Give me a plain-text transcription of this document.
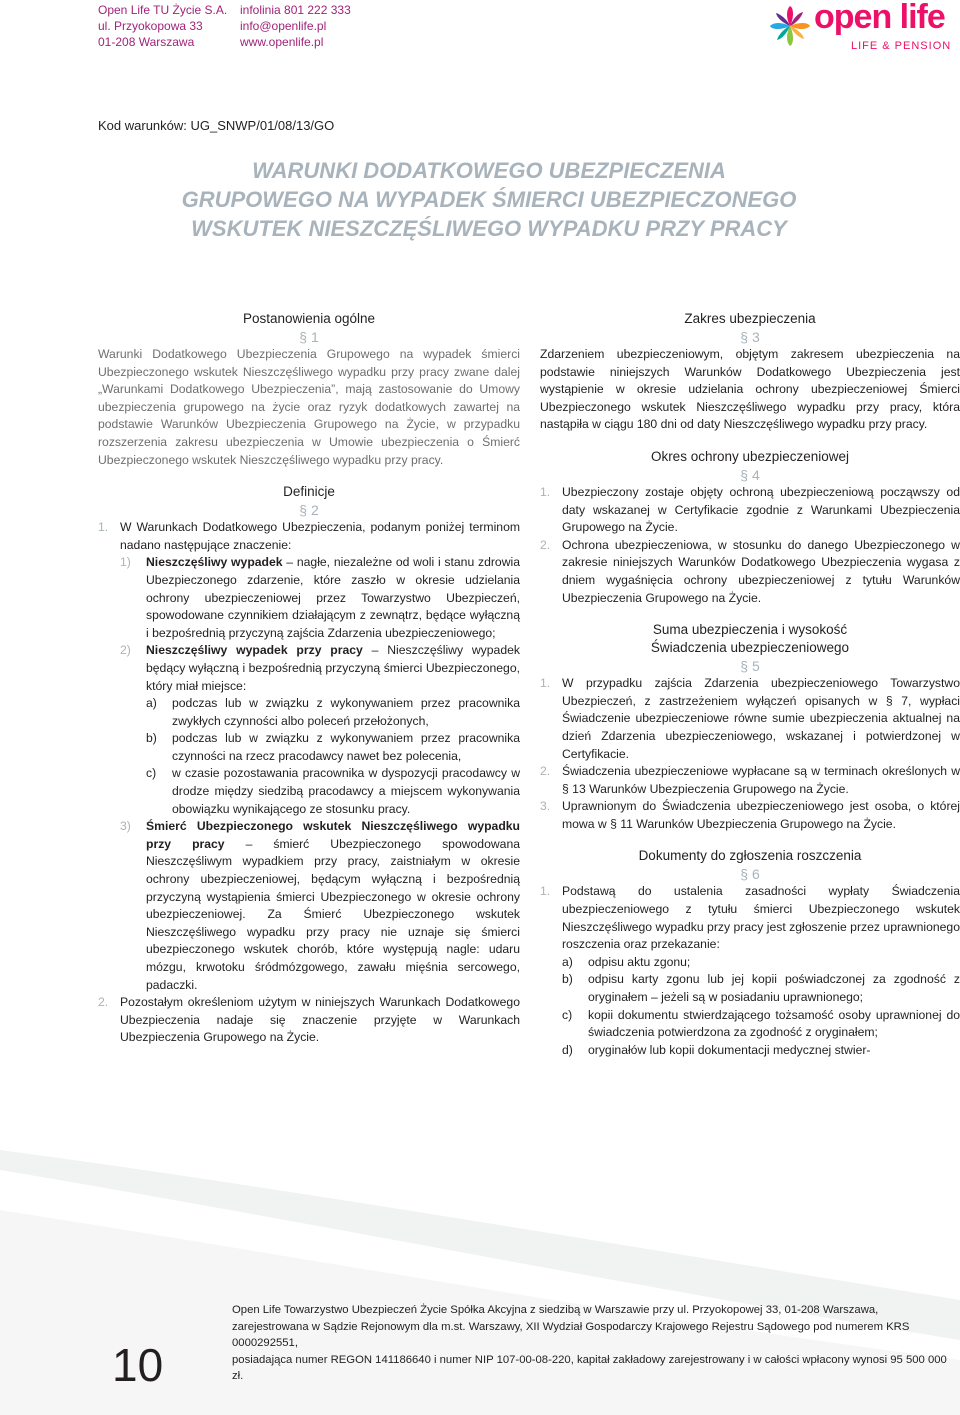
Open Life TU Życie S.A.
ul. Przyokopowa 33
01-208 Warszawa
infolinia 801 222 333
info@openlife.pl
www.openlife.pl
open life
LIFE & PENSION
Kod warunków: UG_SNWP/01/08/13/GO
WARUNKI DODATKOWEGO UBEZPIECZENIA
GRUPOWEGO NA WYPADEK ŚMIERCI UBEZPIECZONEGO
WSKUTEK NIESZCZĘŚLIWEGO WYPADKU PRZY PRACY
Postanowienia ogólne
§ 1

Warunki Dodatkowego Ubezpieczenia Grupowego na wypadek śmierci Ubezpieczonego wskutek Nieszczęśliwego wypadku przy pracy zwane dalej „Warunkami Dodatkowego Ubezpieczenia”, mają zastosowanie do Umowy ubezpieczenia grupowego na życie oraz ryzyk dodatkowych zawartej na podstawie Warunków Ubezpieczenia Grupowego na Życie, w przypadku rozszerzenia zakresu ubezpieczenia w Umowie ubezpieczenia o Śmierć Ubezpieczonego wskutek Nieszczęśliwego wypadku przy pracy.

Definicje
§ 2
1. W Warunkach Dodatkowego Ubezpieczenia, podanym poniżej terminom nadano następujące znaczenie:

1) Nieszczęśliwy wypadek – nagłe, niezależne od woli i stanu zdrowia Ubezpieczonego zdarzenie, które zaszło w okresie udzielania ochrony ubezpieczeniowej przez Towarzystwo Ubezpieczeń, spowodowane czynnikiem działającym z zewnątrz, będące wyłączną i bezpośrednią przyczyną zajścia Zdarzenia ubezpieczeniowego;

2) Nieszczęśliwy wypadek przy pracy – Nieszczęśliwy wypadek będący wyłączną i bezpośrednią przyczyną śmierci Ubezpieczonego, który miał miejsce:

a) podczas lub w związku z wykonywaniem przez pracownika zwykłych czynności albo poleceń przełożonych,

b) podczas lub w związku z wykonywaniem przez pracownika czynności na rzecz pracodawcy nawet bez polecenia,

c) w czasie pozostawania pracownika w dyspozycji pracodawcy w drodze między siedzibą pracodawcy a miejscem wykonywania obowiązku wynikającego ze stosunku pracy.

3) Śmierć Ubezpieczonego wskutek Nieszczęśliwego wypadku przy pracy – śmierć Ubezpieczonego spowodowana Nieszczęśliwym wypadkiem przy pracy, zaistniałym w okresie ochrony ubezpieczeniowej, będącym wyłączną i bezpośrednią przyczyną wystąpienia śmierci Ubezpieczonego w okresie ochrony ubezpieczeniowej. Za Śmierć Ubezpieczonego wskutek Nieszczęśliwego wypadku przy pracy nie uznaje się śmierci ubezpieczonego wskutek chorób, które występują nagle: udaru mózgu, krwotoku śródmózgowego, zawału mięśnia sercowego, padaczki.

2. Pozostałym określeniom użytym w niniejszych Warunkach Dodatkowego Ubezpieczenia nadaje się znaczenie przyjęte w Warunkach Ubezpieczenia Grupowego na Życie.

Zakres ubezpieczenia
§ 3

Zdarzeniem ubezpieczeniowym, objętym zakresem ubezpieczenia na podstawie niniejszych Warunków Dodatkowego Ubezpieczenia jest wystąpienie w okresie udzielania ochrony ubezpieczeniowej Śmierci Ubezpieczonego wskutek Nieszczęśliwego wypadku przy pracy, która nastąpiła w ciągu 180 dni od daty Nieszczęśliwego wypadku przy pracy.

Okres ochrony ubezpieczeniowej
§ 4
1. Ubezpieczony zostaje objęty ochroną ubezpieczeniową począwszy od daty wskazanej w Certyfikacie zgodnie z Warunkami Ubezpieczenia Grupowego na Życie.

2. Ochrona ubezpieczeniowa, w stosunku do danego Ubezpieczonego w zakresie niniejszych Warunków Dodatkowego Ubezpieczenia wygasa z dniem wygaśnięcia ochrony ubezpieczeniowej z tytułu Warunków Ubezpieczenia Grupowego na Życie.

Suma ubezpieczenia i wysokość
Świadczenia ubezpieczeniowego
§ 5
1. W przypadku zajścia Zdarzenia ubezpieczeniowego Towarzystwo Ubezpieczeń, z zastrzeżeniem wyłączeń opisanych w § 7, wypłaci Świadczenie ubezpieczeniowe równe sumie ubezpieczenia aktualnej na dzień Zdarzenia ubezpieczeniowego, wskazanej i potwierdzonej w Certyfikacie.

2. Świadczenia ubezpieczeniowe wypłacane są w terminach określonych w § 13 Warunków Ubezpieczenia Grupowego na Życie.

3. Uprawnionym do Świadczenia ubezpieczeniowego jest osoba, o której mowa w § 11 Warunków Ubezpieczenia Grupowego na Życie.

Dokumenty do zgłoszenia roszczenia
§ 6
1. Podstawą do ustalenia zasadności wypłaty Świadczenia ubezpieczeniowego z tytułu śmierci Ubezpieczonego wskutek Nieszczęśliwego wypadku przy pracy jest zgłoszenie przez uprawnionego roszczenia oraz przekazanie:

a) odpisu aktu zgonu;

b) odpisu karty zgonu lub jej kopii poświadczonej za zgodność z oryginałem – jeżeli są w posiadaniu uprawnionego;

c) kopii dokumentu stwierdzającego tożsamość osoby uprawnionej do świadczenia potwierdzona za zgodność z oryginałem;

d) oryginałów lub kopii dokumentacji medycznej stwier-

10
Open Life Towarzystwo Ubezpieczeń Życie Spółka Akcyjna z siedzibą w Warszawie przy ul. Przyokopowej 33, 01-208 Warszawa,
zarejestrowana w Sądzie Rejonowym dla m.st. Warszawy, XII Wydział Gospodarczy Krajowego Rejestru Sądowego pod numerem KRS 0000292551,
posiadająca numer REGON 141186640 i numer NIP 107-00-08-220, kapitał zakładowy zarejestrowany i w całości wpłacony wynosi 95 500 000 zł.
